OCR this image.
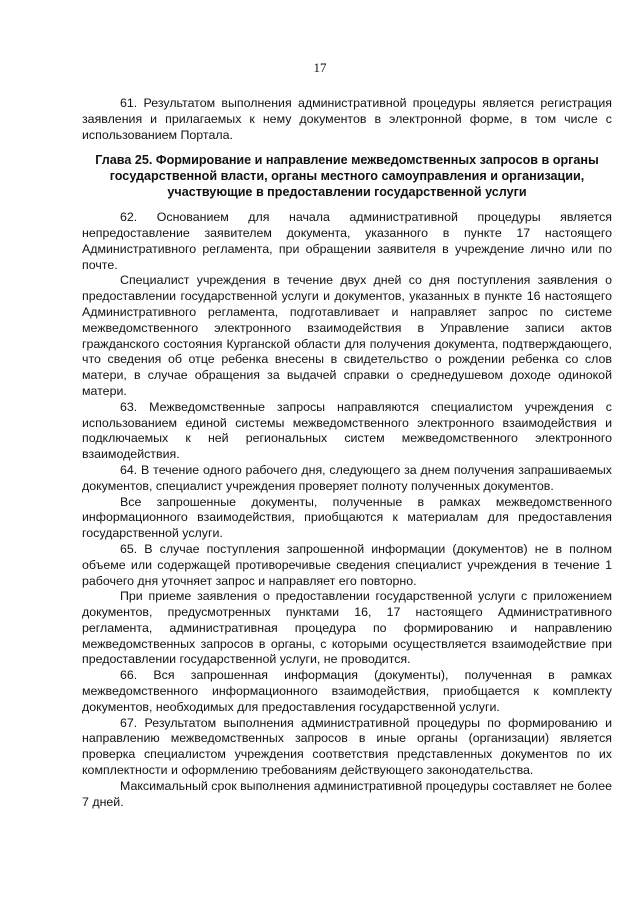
17

61. Результатом выполнения административной процедуры является регистрация заявления и прилагаемых к нему документов в электронной форме, в том числе с использованием Портала.

Глава 25. Формирование и направление межведомственных запросов в органы государственной власти, органы местного самоуправления и организации, участвующие в предоставлении государственной услуги

62. Основанием для начала административной процедуры является непредоставление заявителем документа, указанного в пункте 17 настоящего Административного регламента, при обращении заявителя в учреждение лично или по почте.

Специалист учреждения в течение двух дней со дня поступления заявления о предоставлении государственной услуги и документов, указанных в пункте 16 настоящего Административного регламента, подготавливает и направляет запрос по системе межведомственного электронного взаимодействия в Управление записи актов гражданского состояния Курганской области для получения документа, подтверждающего, что сведения об отце ребенка внесены в свидетельство о рождении ребенка со слов матери, в случае обращения за выдачей справки о среднедушевом доходе одинокой матери.

63. Межведомственные запросы направляются специалистом учреждения с использованием единой системы межведомственного электронного взаимодействия и подключаемых к ней региональных систем межведомственного электронного взаимодействия.

64. В течение одного рабочего дня, следующего за днем получения запрашиваемых документов, специалист учреждения проверяет полноту полученных документов.

Все запрошенные документы, полученные в рамках межведомственного информационного взаимодействия, приобщаются к материалам для предоставления государственной услуги.

65. В случае поступления запрошенной информации (документов) не в полном объеме или содержащей противоречивые сведения специалист учреждения в течение 1 рабочего дня уточняет запрос и направляет его повторно.

При приеме заявления о предоставлении государственной услуги с приложением документов, предусмотренных пунктами 16, 17 настоящего Административного регламента, административная процедура по формированию и направлению межведомственных запросов в органы, с которыми осуществляется взаимодействие при предоставлении государственной услуги, не проводится.

66. Вся запрошенная информация (документы), полученная в рамках межведомственного информационного взаимодействия, приобщается к комплекту документов, необходимых для предоставления государственной услуги.

67. Результатом выполнения административной процедуры по формированию и направлению межведомственных запросов в иные органы (организации) является проверка специалистом учреждения соответствия представленных документов по их комплектности и оформлению требованиям действующего законодательства.

Максимальный срок выполнения административной процедуры составляет не более 7 дней.
